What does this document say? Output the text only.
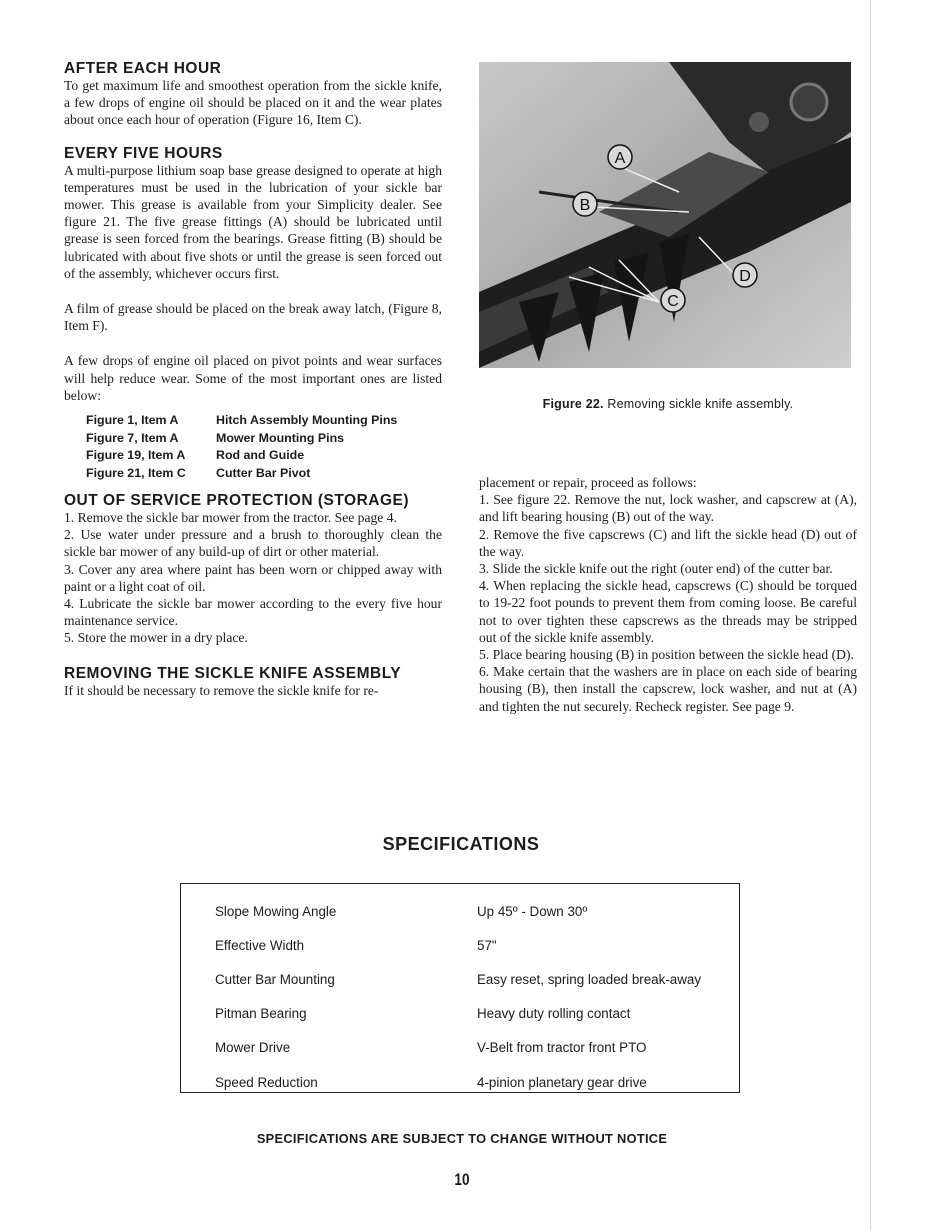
AFTER EACH HOUR

To get maximum life and smoothest operation from the sickle knife, a few drops of engine oil should be placed on it and the wear plates about once each hour of operation (Figure 16, Item C).

EVERY FIVE HOURS

A multi-purpose lithium soap base grease designed to operate at high temperatures must be used in the lubrication of your sickle bar mower. This grease is available from your Simplicity dealer. See figure 21. The five grease fittings (A) should be lubricated until grease is seen forced from the bearings. Grease fitting (B) should be lubricated with about five shots or until the grease is seen forced out of the assembly, whichever occurs first.

A film of grease should be placed on the break away latch, (Figure 8, Item F).

A few drops of engine oil placed on pivot points and wear surfaces will help reduce wear. Some of the most important ones are listed below:

Figure 1, Item A	Hitch Assembly Mounting Pins
Figure 7, Item A	Mower Mounting Pins
Figure 19, Item A	Rod and Guide
Figure 21, Item C	Cutter Bar Pivot
OUT OF SERVICE PROTECTION (STORAGE)
1. Remove the sickle bar mower from the tractor. See page 4.
2. Use water under pressure and a brush to thoroughly clean the sickle bar mower of any build-up of dirt or other material.
3. Cover any area where paint has been worn or chipped away with paint or a light coat of oil.
4. Lubricate the sickle bar mower according to the every five hour maintenance service.
5. Store the mower in a dry place.
REMOVING THE SICKLE KNIFE ASSEMBLY

If it should be necessary to remove the sickle knife for re-

A
B
C
D
Figure 22. Removing sickle knife assembly.

placement or repair, proceed as follows:

1. See figure 22. Remove the nut, lock washer, and capscrew at (A), and lift bearing housing (B) out of the way.
2. Remove the five capscrews (C) and lift the sickle head (D) out of the way.
3. Slide the sickle knife out the right (outer end) of the cutter bar.
4. When replacing the sickle head, capscrews (C) should be torqued to 19-22 foot pounds to prevent them from coming loose. Be careful not to over tighten these capscrews as the threads may be stripped out of the sickle knife assembly.
5. Place bearing housing (B) in position between the sickle head (D).
6. Make certain that the washers are in place on each side of bearing housing (B), then install the capscrew, lock washer, and nut at (A) and tighten the nut securely. Recheck register. See page 9.
SPECIFICATIONS
Slope Mowing Angle	Up 45º - Down 30º
Effective Width	57"
Cutter Bar Mounting	Easy reset, spring loaded break-away
Pitman Bearing	Heavy duty rolling contact
Mower Drive	V-Belt from tractor front PTO
Speed Reduction	4-pinion planetary gear drive
SPECIFICATIONS ARE SUBJECT TO CHANGE WITHOUT NOTICE
10
